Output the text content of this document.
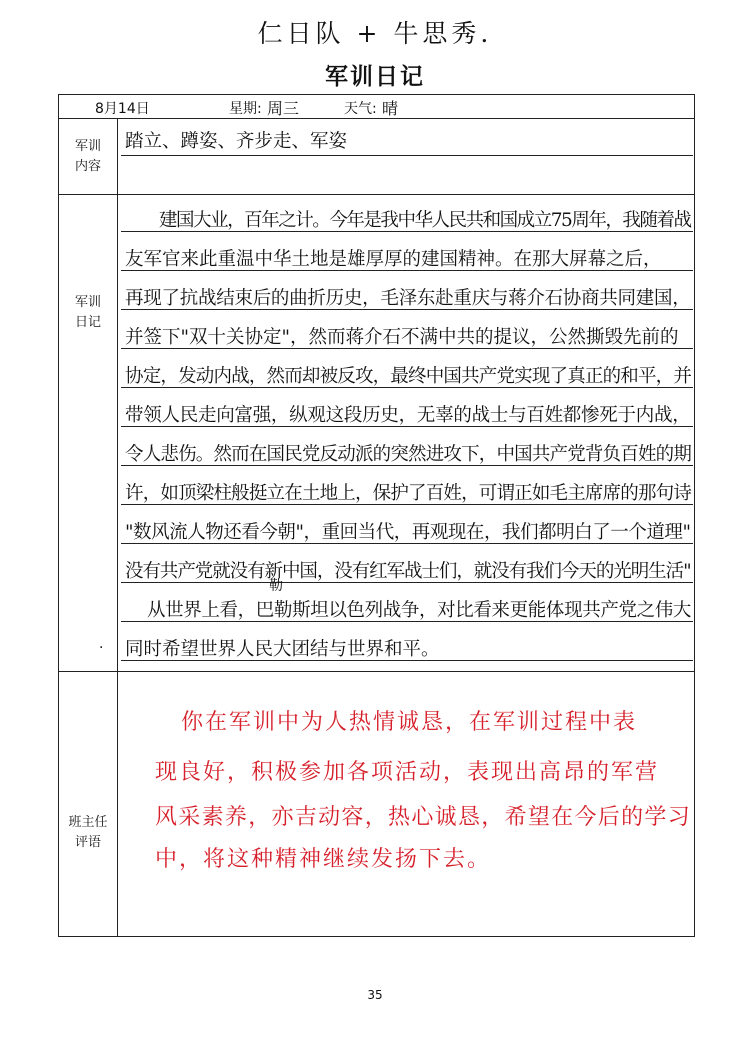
仁日队 + 牛思秀.
军训日记
8月14日	星期: 周三	天气: 晴
军训
内容
军训
日记
班主任
评语
踏立、蹲姿、齐步走、军姿
建国大业，百年之计。今年是我中华人民共和国成立75周年，我随着战
友军官来此重温中华土地是雄厚厚的建国精神。在那大屏幕之后，
再现了抗战结束后的曲折历史，毛泽东赴重庆与蒋介石协商共同建国，
并签下"双十关协定"，然而蒋介石不满中共的提议，公然撕毁先前的
协定，发动内战，然而却被反攻，最终中国共产党实现了真正的和平，并
带领人民走向富强，纵观这段历史，无辜的战士与百姓都惨死于内战，
令人悲伤。然而在国民党反动派的突然进攻下，中国共产党背负百姓的期
许，如顶梁柱般挺立在土地上，保护了百姓，可谓正如毛主席席的那句诗
"数风流人物还看今朝"，重回当代，再观现在，我们都明白了一个道理"
没有共产党就没有新中国，没有红军战士们，就没有我们今天的光明生活"
从世界上看，巴勒斯坦以色列战争，对比看来更能体现共产党之伟大
同时希望世界人民大团结与世界和平。
勒
·
你在军训中为人热情诚恳，在军训过程中表
现良好，积极参加各项活动，表现出高昂的军营
风采素养，亦吉动容，热心诚恳，希望在今后的学习
中，将这种精神继续发扬下去。
35
